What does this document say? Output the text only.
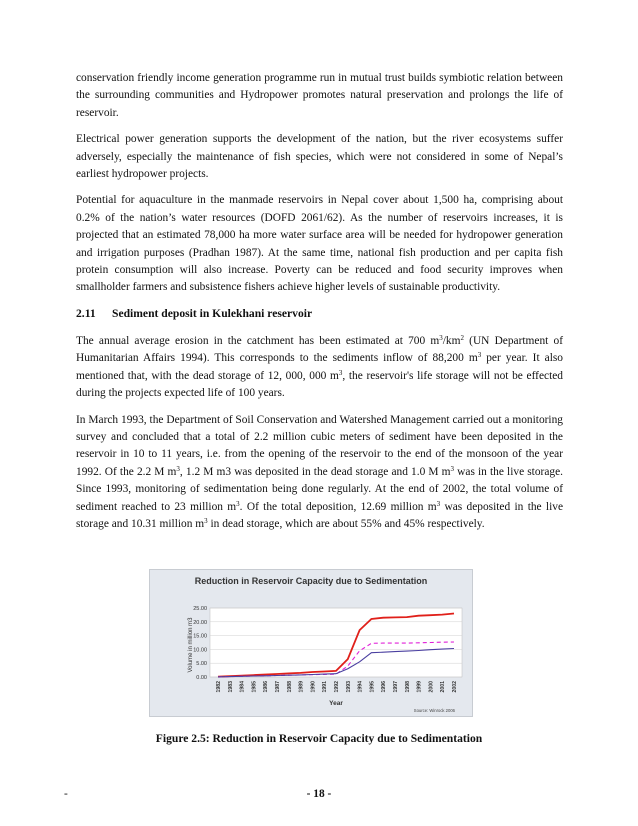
conservation friendly income generation programme run in mutual trust builds symbiotic relation between the surrounding communities and Hydropower promotes natural preservation and prolongs the life of reservoir.

Electrical power generation supports the development of the nation, but the river ecosystems suffer adversely, especially the maintenance of fish species, which were not considered in some of Nepal’s earliest hydropower projects.

Potential for aquaculture in the manmade reservoirs in Nepal cover about 1,500 ha, comprising about 0.2% of the nation’s water resources (DOFD 2061/62). As the number of reservoirs increases, it is projected that an estimated 78,000 ha more water surface area will be needed for hydropower generation and irrigation purposes (Pradhan 1987). At the same time, national fish production and per capita fish protein consumption will also increase. Poverty can be reduced and food security improves when smallholder farmers and subsistence fishers achieve higher levels of sustainable productivity.

2.11 Sediment deposit in Kulekhani reservoir

The annual average erosion in the catchment has been estimated at 700 $m^3/km^2$ (UN Department of Humanitarian Affairs 1994). This corresponds to the sediments inflow of 88,200 $m^3$ per year. It also mentioned that, with the dead storage of 12, 000, 000 $m^3$, the reservoir's life storage will not be effected during the projects expected life of 100 years.

In March 1993, the Department of Soil Conservation and Watershed Management carried out a monitoring survey and concluded that a total of 2.2 million cubic meters of sediment have been deposited in the reservoir in 10 to 11 years, i.e. from the opening of the reservoir to the end of the monsoon of the year 1992. Of the 2.2 M $m^3$, 1.2 M m3 was deposited in the dead storage and 1.0 M $m^3$ was in the live storage. Since 1993, monitoring of sedimentation being done regularly. At the end of 2002, the total volume of sediment reached to 23 million $m^3$. Of the total deposition, 12.69 million $m^3$ was deposited in the live storage and 10.31 million $m^3$ in dead storage, which are about 55% and 45% respectively.

Reduction in Reservoir Capacity due to Sedimentation
25.00
20.00
15.00
10.00
5.00
0.00
1982 1983 1984 1985 1986 1987 1988 1989 1990 1991 1992 1993 1994 1995 1996 1997 1998 1999 2000 2001 2002
Volume in million m3
Year
Source: Winrock 2006
Figure 2.5: Reduction in Reservoir Capacity due to Sedimentation
-	- 18 -
